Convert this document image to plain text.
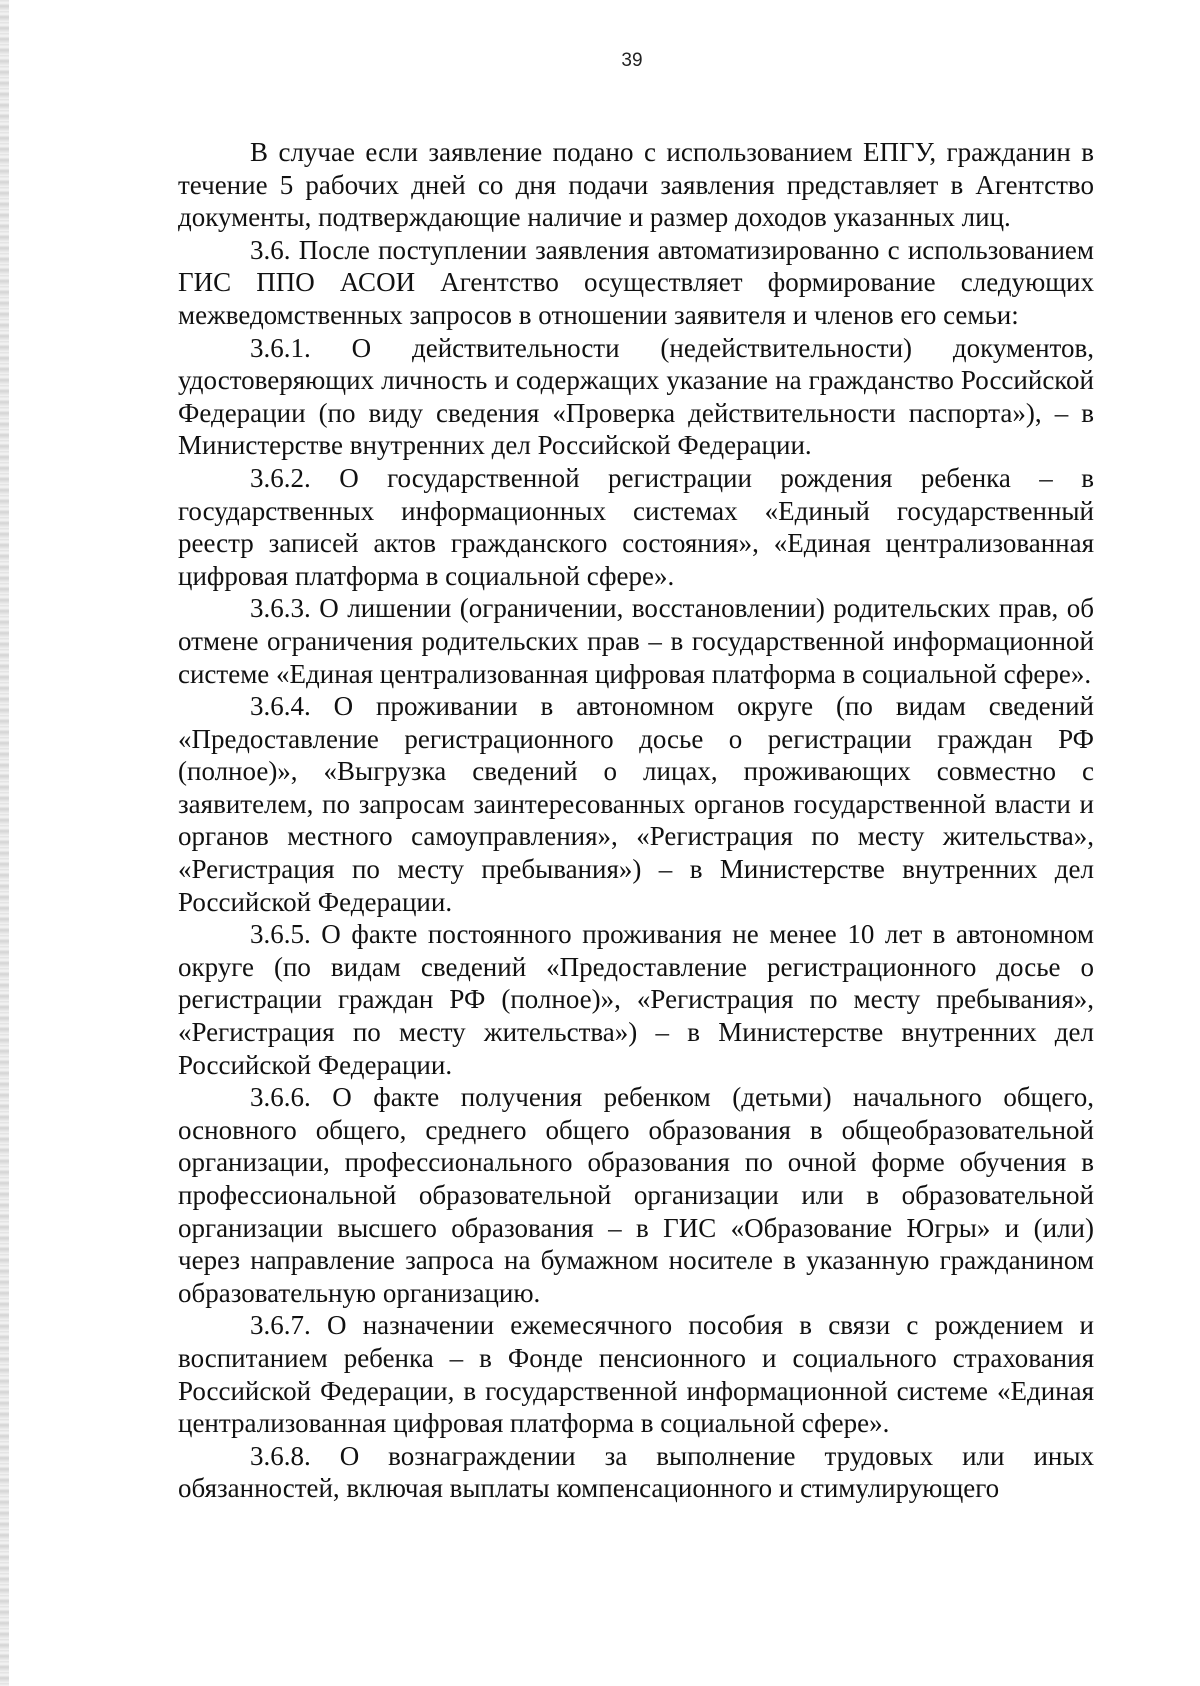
39

В случае если заявление подано с использованием ЕПГУ, гражданин в течение 5 рабочих дней со дня подачи заявления представляет в Агентство документы, подтверждающие наличие и размер доходов указанных лиц.

3.6. После поступлении заявления автоматизированно с использованием ГИС ППО АСОИ Агентство осуществляет формирование следующих межведомственных запросов в отношении заявителя и членов его семьи:

3.6.1. О действительности (недействительности) документов, удостоверяющих личность и содержащих указание на гражданство Российской Федерации (по виду сведения «Проверка действительности паспорта»), – в Министерстве внутренних дел Российской Федерации.

3.6.2. О государственной регистрации рождения ребенка – в государственных информационных системах «Единый государственный реестр записей актов гражданского состояния», «Единая централизованная цифровая платформа в социальной сфере».

3.6.3. О лишении (ограничении, восстановлении) родительских прав, об отмене ограничения родительских прав – в государственной информационной системе «Единая централизованная цифровая платформа в социальной сфере».

3.6.4. О проживании в автономном округе (по видам сведений «Предоставление регистрационного досье о регистрации граждан РФ (полное)», «Выгрузка сведений о лицах, проживающих совместно с заявителем, по запросам заинтересованных органов государственной власти и органов местного самоуправления», «Регистрация по месту жительства», «Регистрация по месту пребывания») – в Министерстве внутренних дел Российской Федерации.

3.6.5. О факте постоянного проживания не менее 10 лет в автономном округе (по видам сведений «Предоставление регистрационного досье о регистрации граждан РФ (полное)», «Регистрация по месту пребывания», «Регистрация по месту жительства») – в Министерстве внутренних дел Российской Федерации.

3.6.6. О факте получения ребенком (детьми) начального общего, основного общего, среднего общего образования в общеобразовательной организации, профессионального образования по очной форме обучения в профессиональной образовательной организации или в образовательной организации высшего образования – в ГИС «Образование Югры» и (или) через направление запроса на бумажном носителе в указанную гражданином образовательную организацию.

3.6.7. О назначении ежемесячного пособия в связи с рождением и воспитанием ребенка – в Фонде пенсионного и социального страхования Российской Федерации, в государственной информационной системе «Единая централизованная цифровая платформа в социальной сфере».

3.6.8. О вознаграждении за выполнение трудовых или иных обязанностей, включая выплаты компенсационного и стимулирующего
